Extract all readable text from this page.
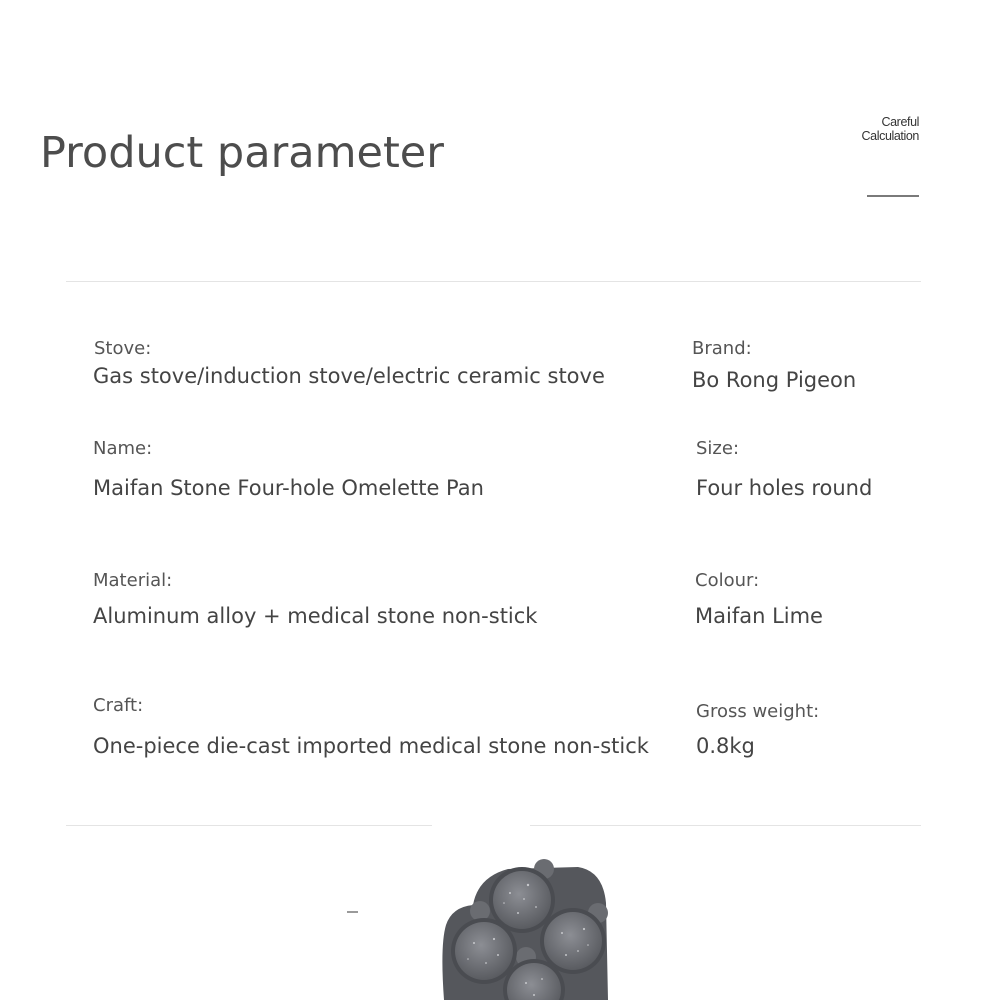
Product parameter
Careful
Calculation
Stove:
Gas stove/induction stove/electric ceramic stove
Brand:
Bo Rong Pigeon
Name:
Maifan Stone Four-hole Omelette Pan
Size:
Four holes round
Material:
Aluminum alloy + medical stone non-stick
Colour:
Maifan Lime
Craft:
One-piece die-cast imported medical stone non-stick
Gross weight:
0.8kg
